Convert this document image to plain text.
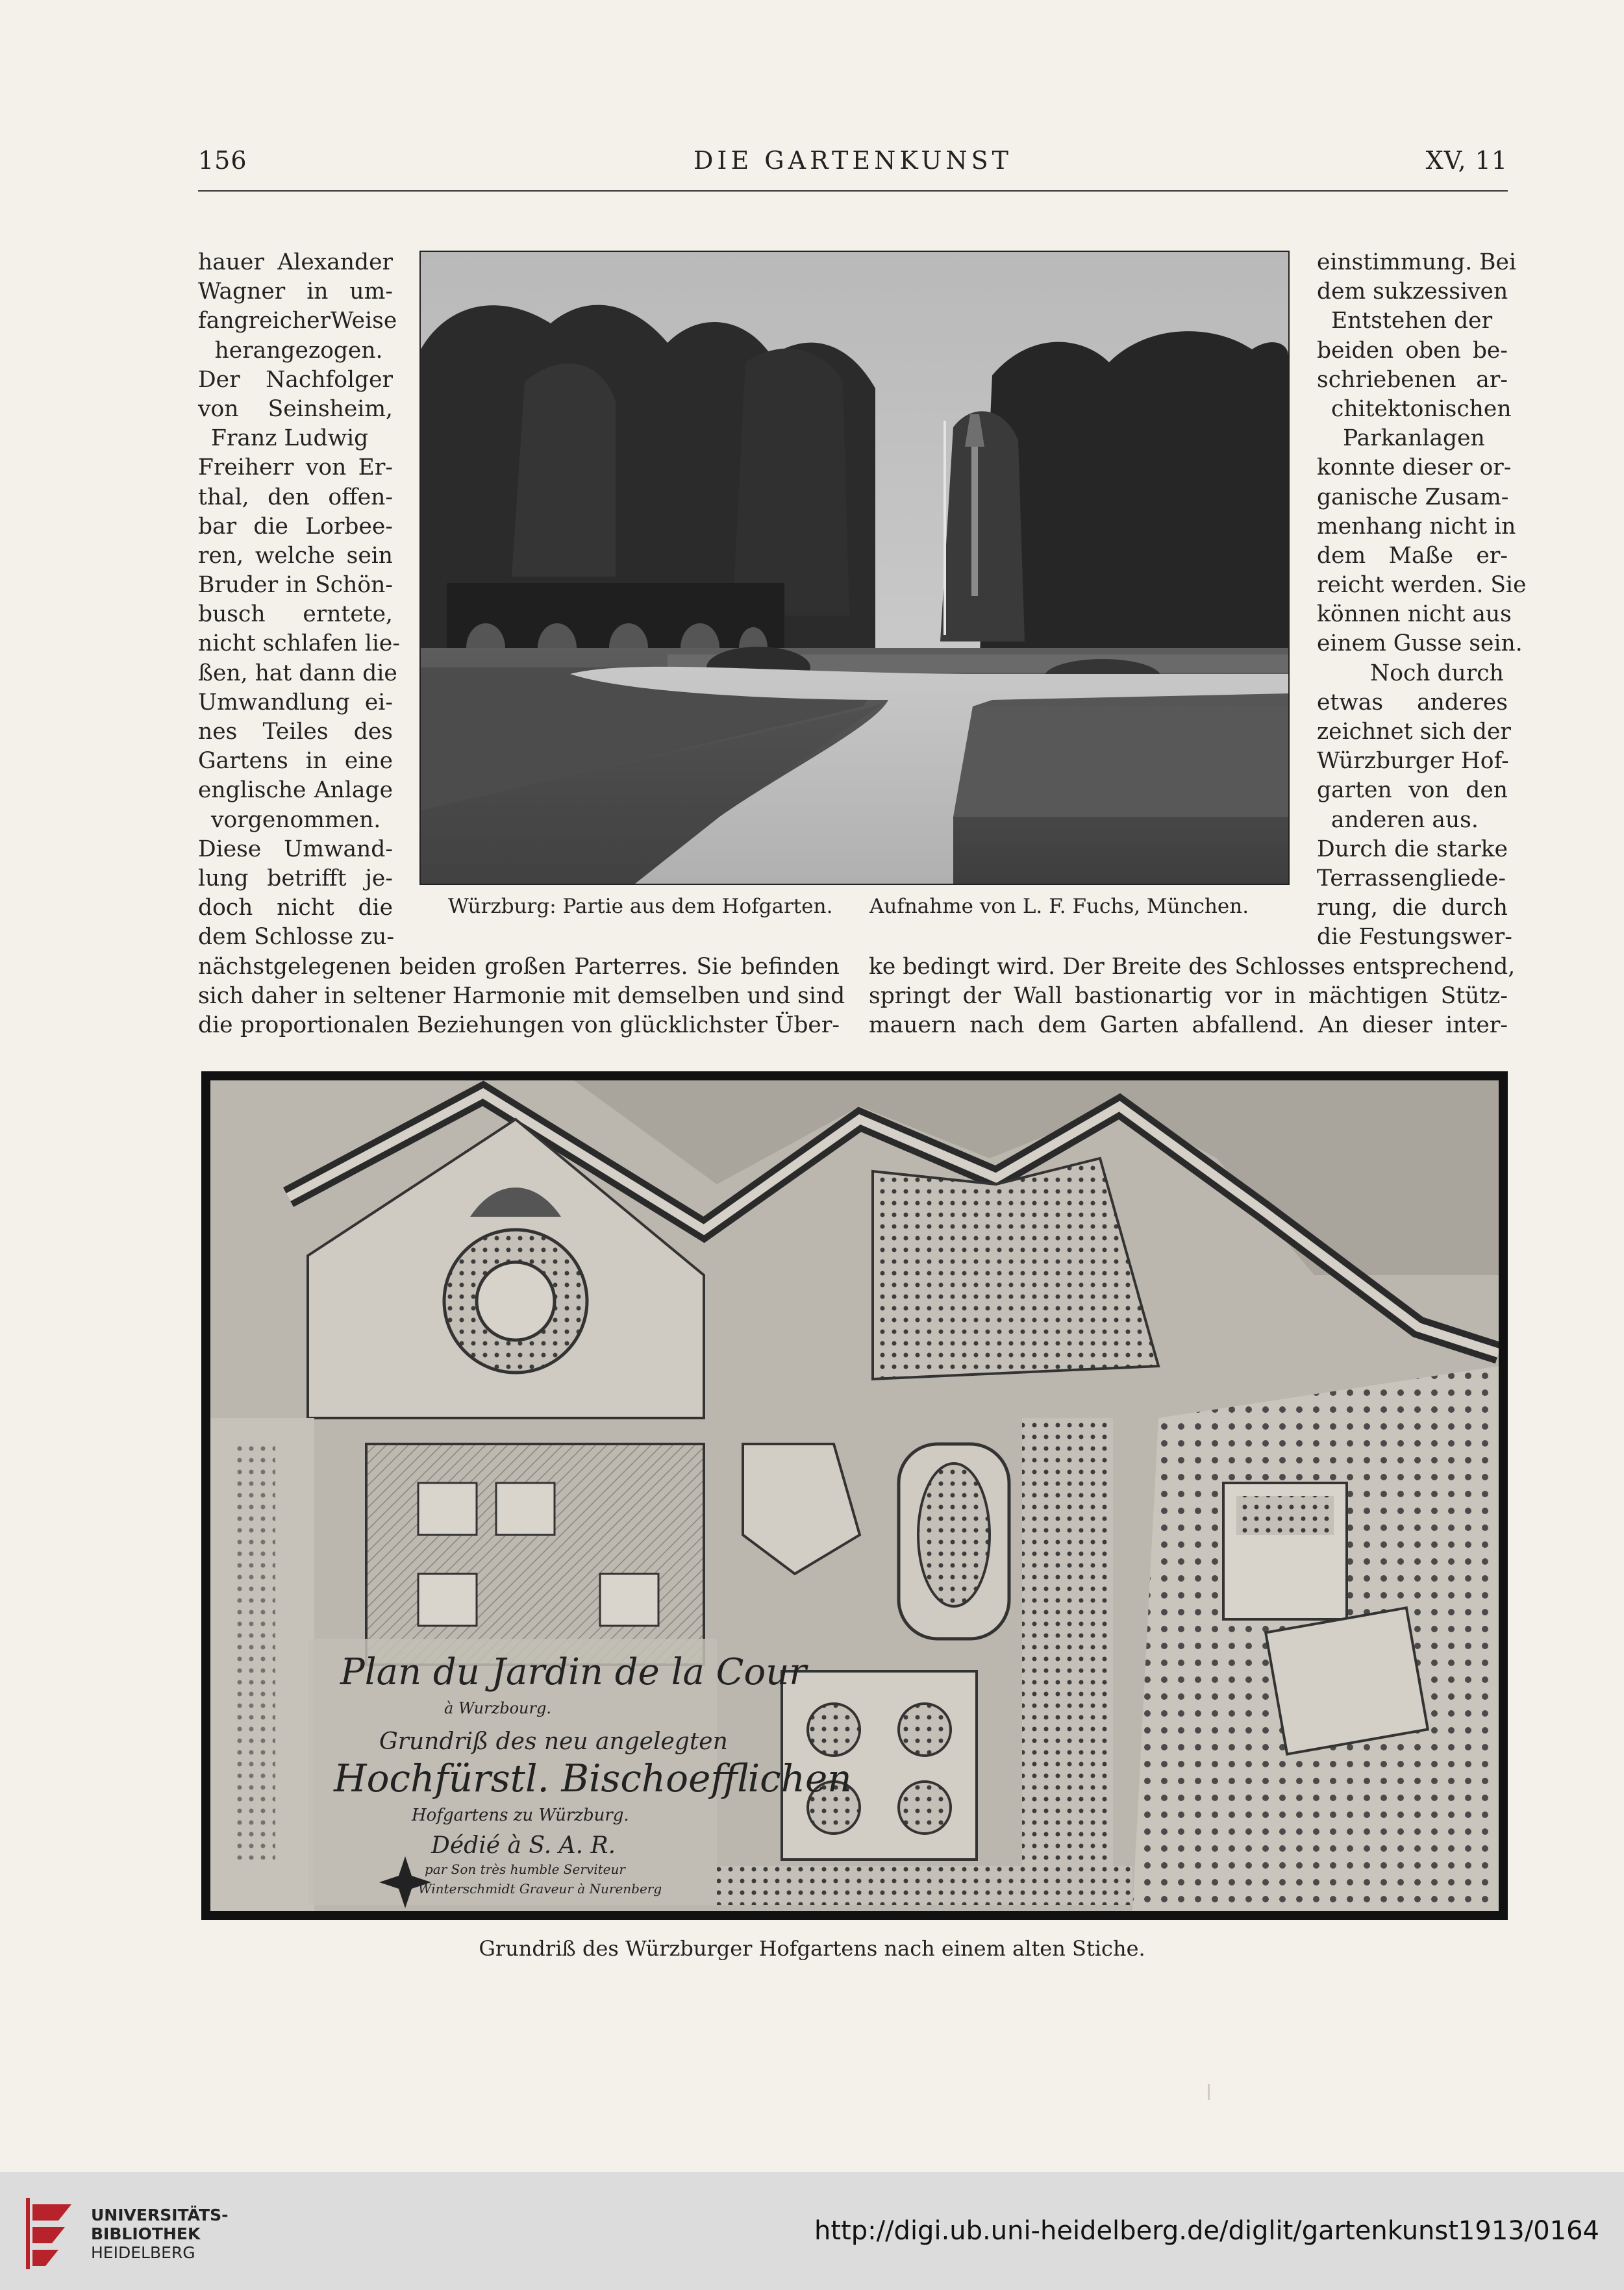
156	DIE GARTENKUNST	XV, 11
hauer Alexander
Wagner in um-
fangreicherWeise
herangezogen.
Der Nachfolger
von Seinsheim,
Franz Ludwig
Freiherr von Er-
thal, den offen-
bar die Lorbee-
ren, welche sein
Bruder in Schön-
busch erntete,
nicht schlafen lie-
ßen, hat dann die
Umwandlung ei-
nes Teiles des
Gartens in eine
englische Anlage
vorgenommen.
Diese Umwand-
lung betrifft je-
doch nicht die
dem Schlosse zu-
einstimmung. Bei
dem sukzessiven
Entstehen der
beiden oben be-
schriebenen ar-
chitektonischen
Parkanlagen
konnte dieser or-
ganische Zusam-
menhang nicht in
dem Maße er-
reicht werden. Sie
können nicht aus
einem Gusse sein.
Noch durch
etwas anderes
zeichnet sich der
Würzburger Hof-
garten von den
anderen aus.
Durch die starke
Terrassengliede-
rung, die durch
die Festungswer-
Würzburg: Partie aus dem Hofgarten. Aufnahme von L. F. Fuchs, München.
nächstgelegenen beiden großen Parterres. Sie befinden
sich daher in seltener Harmonie mit demselben und sind
die proportionalen Beziehungen von glücklichster Über-
ke bedingt wird. Der Breite des Schlosses entsprechend,
springt der Wall bastionartig vor in mächtigen Stütz-
mauern nach dem Garten abfallend. An dieser inter-
Plan du Jardin de la Cour
à Wurzbourg.
Grundriß des neu angelegten
Hochfürstl. Bischoefflichen
Hofgartens zu Würzburg.
Dédié à S. A. R.
par Son très humble Serviteur
Winterschmidt Graveur à Nurenberg
Grundriß des Würzburger Hofgartens nach einem alten Stiche.
UNIVERSITÄTS-
BIBLIOTHEK
HEIDELBERG
http://digi.ub.uni-heidelberg.de/diglit/gartenkunst1913/0164
